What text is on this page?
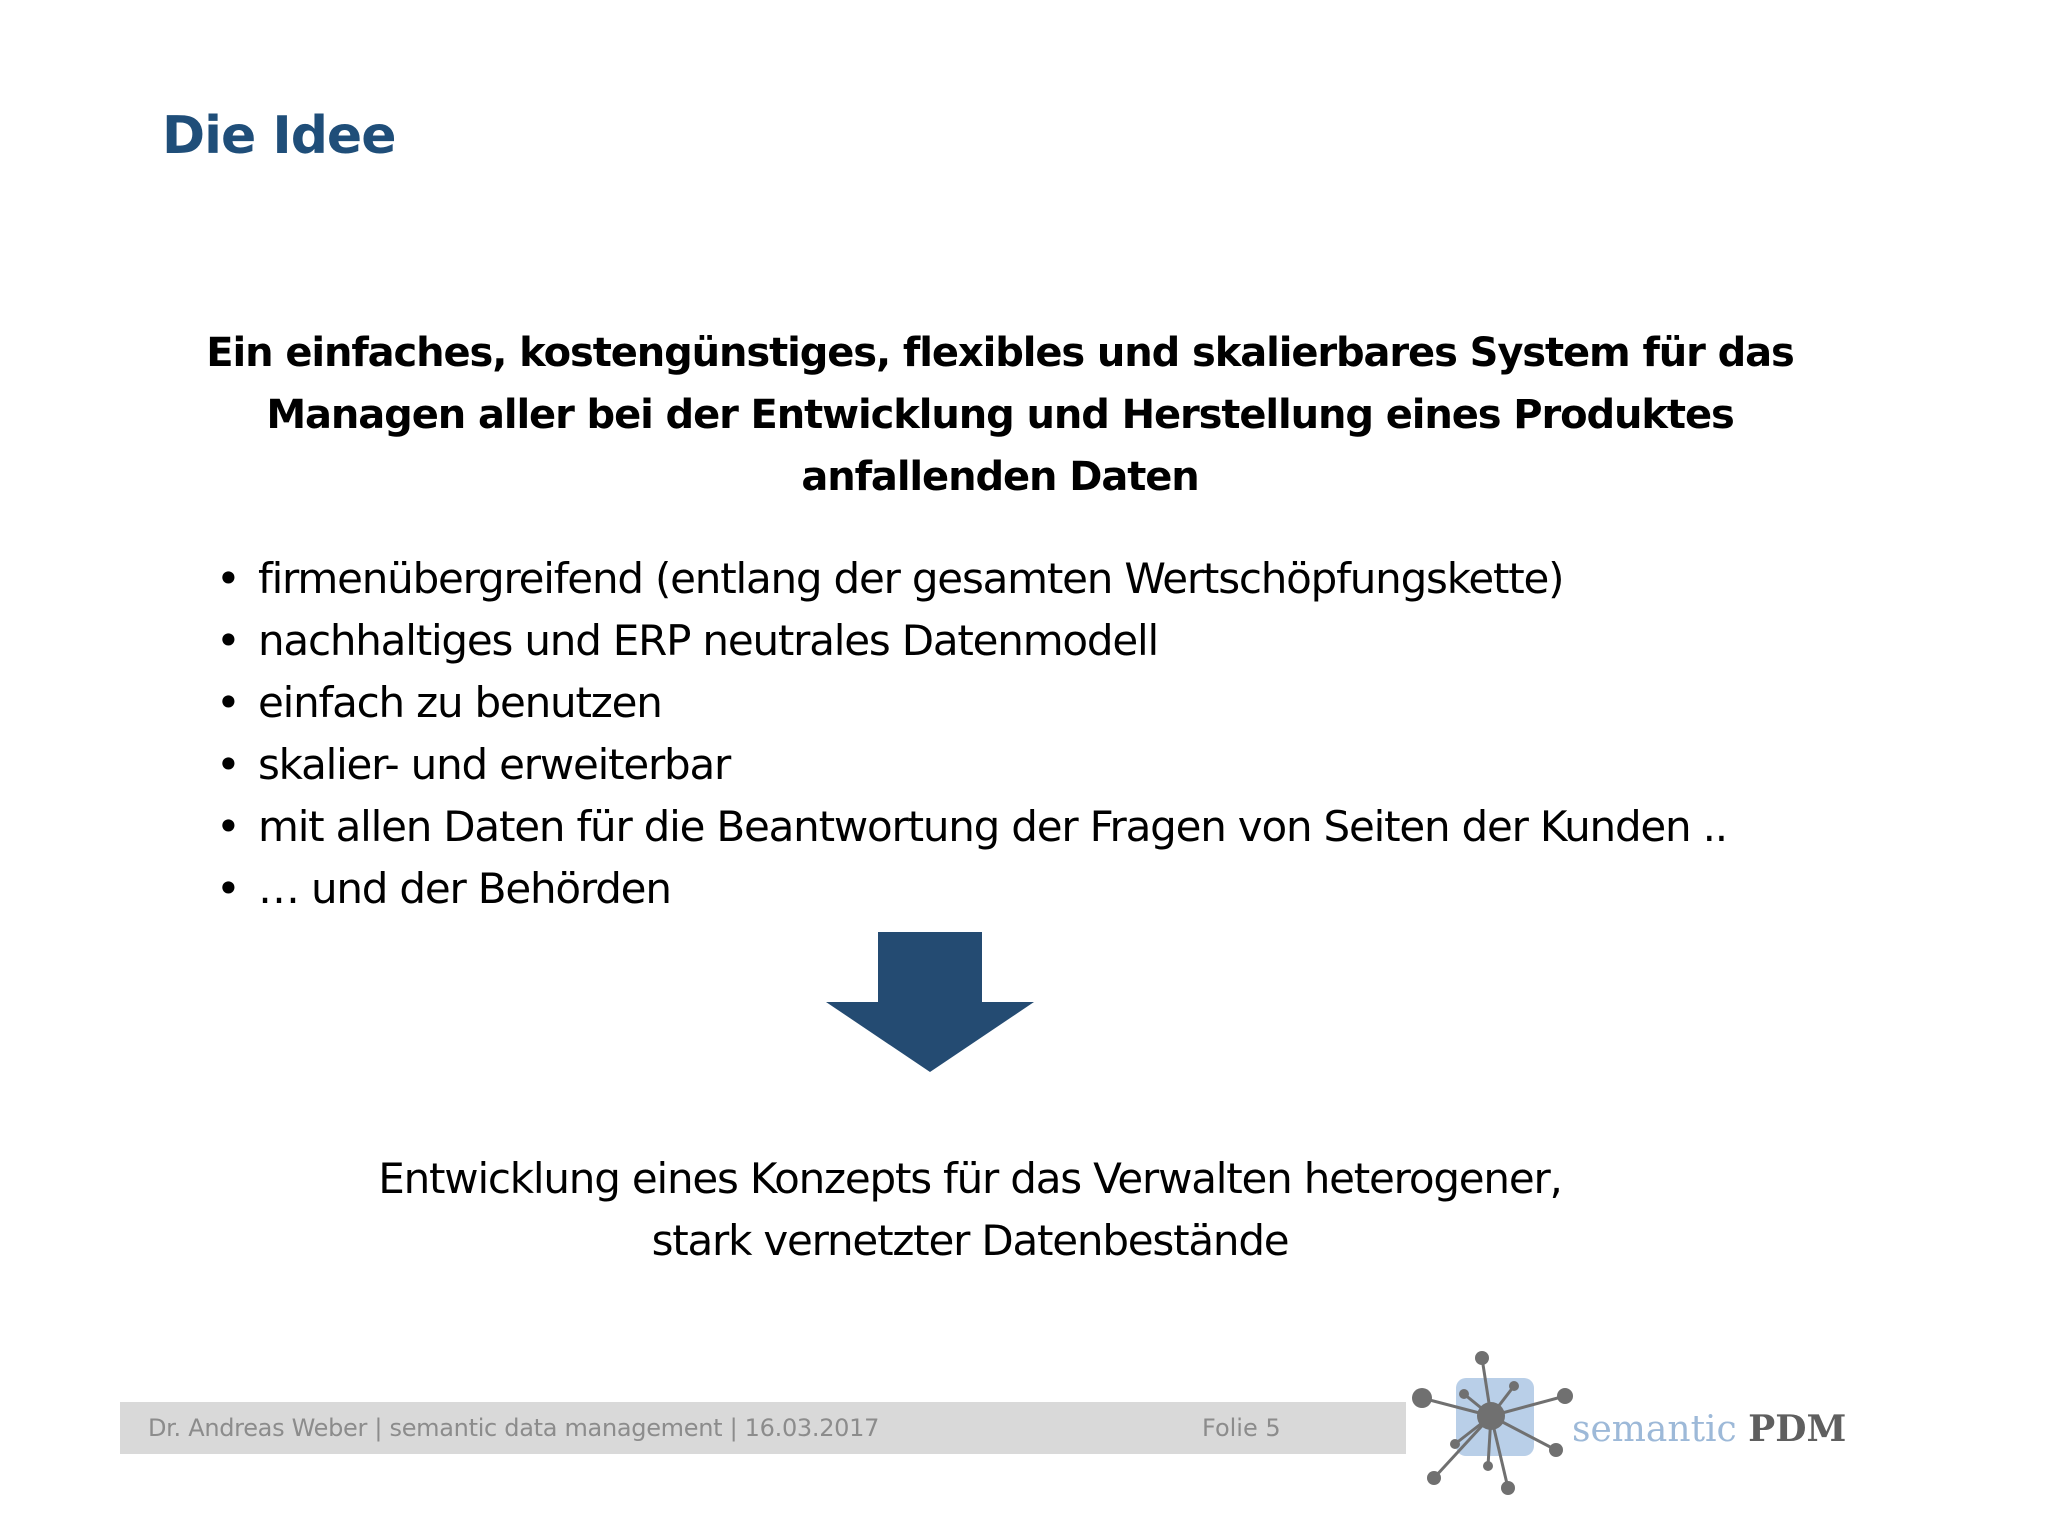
Die Idee
Ein einfaches, kostengünstiges, flexibles und skalierbares System für das
Managen aller bei der Entwicklung und Herstellung eines Produktes
anfallenden Daten
• firmenübergreifend (entlang der gesamten Wertschöpfungskette)
• nachhaltiges und ERP neutrales Datenmodell
• einfach zu benutzen
• skalier- und erweiterbar
• mit allen Daten für die Beantwortung der Fragen von Seiten der Kunden ..
• … und der Behörden
Entwicklung eines Konzepts für das Verwalten heterogener,
stark vernetzter Datenbestände
Dr. Andreas Weber | semantic data management | 16.03.2017	Folie 5	semantic PDM
